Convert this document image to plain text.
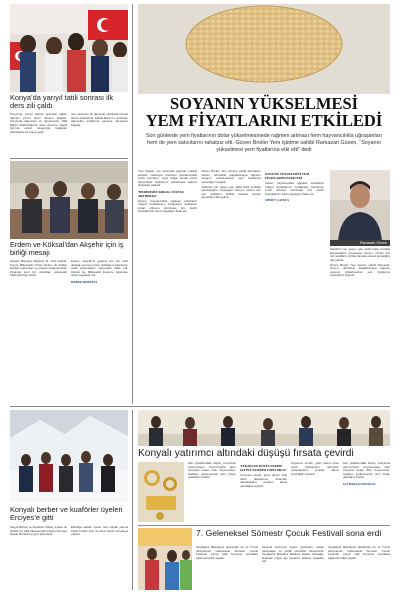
Konya’da yarıyıl tatili sonrası ilk ders zili çaldı

Konya’da, yarıyıl tatilinin ardından eğitim öğretim yılının ikinci dönemi başladı. Konya’da öğrenciler ve öğretmenler, Milli Eğitim Müdürlüğünce ikinci döneme ‘Haydi Ilgın’da okula’ sloganıyla başlayan etkinliklerle bir araya geldi.

Yeni dönemin ilk gününde okullarda bayrak töreni düzenlendi. İstiklal Marşı’nın ardından öğrenciler sınıflarına geçerek derslerine başladı.

Erdem ve Köksal’dan Akşehir için iş birliği mesajı

Akşehir Belediye Başkanı Dr. Nuri Köksal, Konya Milletvekili Orhan Erdem ile birlikte ilçedeki yatırımları ve projeleri değerlendirdi. Ziyarette kent için yürütülen çalışmalar hakkında bilgi verildi.

Erdem, Akşehir’in gelişimi için her türlü desteği vermeye hazır olduklarını belirterek, ortak çalışmaların süreceğini ifade etti. Köksal ise Milletvekili Erdem’e ilgisinden dolayı teşekkür etti.

HABER MERKEZİ
SOYANIN YÜKSELMESİ
YEM FİYATLARINI ETKİLEDİ
Son günlerde yem fiyatlarının dolar yükselmesinede rağmen artması hem hayvancılıkla uğraşanları hem de yem satıcılarını rahatsız etti. Güven Broiler Yem işletme sahibi Ramazan Güven, “Soyanın yükselmesi yem fiyatlarına etki etti” dedi

Yem fiyatları, son dönemde yaşanan maliyet artışları nedeniyle üreticinin gündemindeki yerini korurken, soya başta olmak üzere hammadde fiyatlarının yükselmesi sektörü doğrudan etkiledi.

‘HEDEFİMİZ KIRSAL NÜFUSU ARTIRMAK’

Güven, hayvancılıkla uğraşan üreticilerin maliyet hesaplarının zorlaştığını belirterek, kırsal nüfusun artırılması için üretici desteklerinin önem taşıdığını ifade etti.

Güven Broiler Yem işletme sahibi Ramazan Güven, dövizdeki dalgalanmaya rağmen soyanın yükselmesinin yem fiyatlarına yansıdığını söyledi.

Sektörün her geçen gün daha fazla zorlukla karşılaştığını vurgulayan Güven, çözüm için tüm tarafların birlikte hareket etmesi gerektiğini dile getirdi.

SOYANIN YÜKSELMESİ YEM FİYATLARINI ETKİLEDİ

Güven, hayvancılıkla uğraşan üreticilerin maliyet hesaplarının zorlaştığını belirterek, kırsal nüfusun artırılması için üretici desteklerinin önem taşıdığını ifade etti.

AHMET ÇAYKUŞ
Ramazan Güven

Sektörün her geçen gün daha fazla zorlukla karşılaştığını vurgulayan Güven, çözüm için tüm tarafların birlikte hareket etmesi gerektiğini dile getirdi.

Güven Broiler Yem işletme sahibi Ramazan Güven, dövizdeki dalgalanmaya rağmen soyanın yükselmesinin yem fiyatlarına yansıdığını söyledi.

Konyalı berber ve kuaförler üyeleri Erciyes’e gitti

Konya Berber ve Kuaförler Odası, üyeleri ile birlikte kış tatili kapsamında Kayseri Erciyes Kayak Merkezi’ne gezi düzenledi.

Etkinliğe katılan üyeler hem kayak yapma imkanı buldu hem de karın keyfini doyasıya yaşadı.

Konyalı yatırımcı altındaki düşüşü fırsata çevirdi

Altın fiyatlarındaki düşüş, Konya’da yatırımcıların kuyumculara akın etmesine neden oldu. Kuyumcular, fiyatların gerilemesinin alım fırsatı yarattığını belirtti.

‘YÜKSELEN DÖVİZ YERİNE ALTINA YATIRIM YAPIYORUZ’

Kuyumcu esnafı, gram altının kısa süreli düşüşünün ardından vatandaşların yeniden altına yöneldiğini söyledi.

Kuyumcu esnafı, gram altının kısa süreli düşüşünün ardından vatandaşların yeniden altına yöneldiğini söyledi.

Altın fiyatlarındaki düşüş, Konya’da yatırımcıların kuyumculara akın etmesine neden oldu. Kuyumcular, fiyatların gerilemesinin alım fırsatı yarattığını belirtti.

ALİ HAKAN AYDOĞAN
7. Geleneksel Sömestr Çocuk Festivali sona erdi

Seydişehir Belediyesi tarafından bu yıl 7’ncisi düzenlenen Geleneksel Sömestr Çocuk Festivali, yarıyıl tatili boyunca çocuklara eğlenceli anlar yaşattı.

Festival süresince tiyatro gösterileri, atölye çalışmaları ve çeşitli etkinlikler düzenlendi. Seydişehir Belediye Başkanı Hasan Ustaoğlu, festivale yoğun ilgi gösteren ailelere teşekkür etti.

Seydişehir Belediyesi tarafından bu yıl 7’ncisi düzenlenen Geleneksel Sömestr Çocuk Festivali, yarıyıl tatili boyunca çocuklara eğlenceli anlar yaşattı.
